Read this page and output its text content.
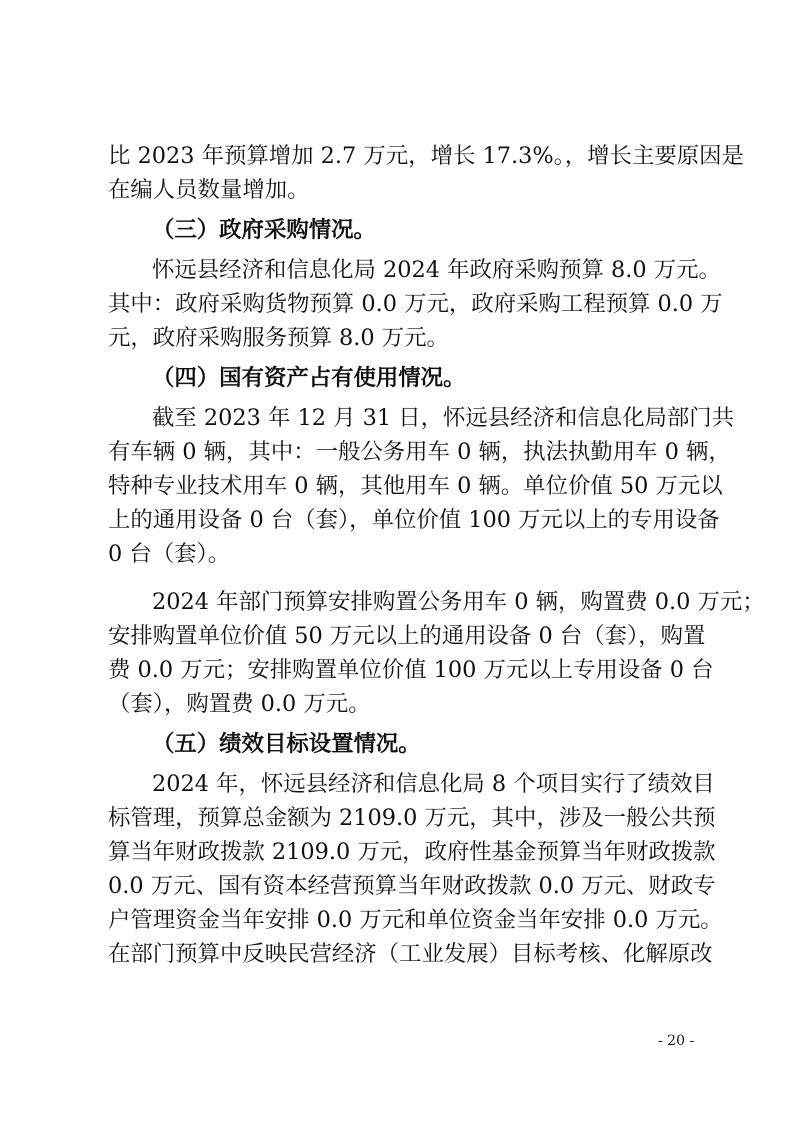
比 2023 年预算增加 2.7 万元，增长 17.3%。，增长主要原因是
在编人员数量增加。
（三）政府采购情况。
怀远县经济和信息化局 2024 年政府采购预算 8.0 万元。
其中：政府采购货物预算 0.0 万元，政府采购工程预算 0.0 万
元，政府采购服务预算 8.0 万元。
（四）国有资产占有使用情况。
截至 2023 年 12 月 31 日，怀远县经济和信息化局部门共
有车辆 0 辆，其中：一般公务用车 0 辆，执法执勤用车 0 辆，
特种专业技术用车 0 辆，其他用车 0 辆。单位价值 50 万元以
上的通用设备 0 台（套），单位价值 100 万元以上的专用设备
0 台（套）。
2024 年部门预算安排购置公务用车 0 辆，购置费 0.0 万元；
安排购置单位价值 50 万元以上的通用设备 0 台（套），购置
费 0.0 万元；安排购置单位价值 100 万元以上专用设备 0 台
（套），购置费 0.0 万元。
（五）绩效目标设置情况。
2024 年，怀远县经济和信息化局 8 个项目实行了绩效目
标管理，预算总金额为 2109.0 万元，其中，涉及一般公共预
算当年财政拨款 2109.0 万元，政府性基金预算当年财政拨款
0.0 万元、国有资本经营预算当年财政拨款 0.0 万元、财政专
户管理资金当年安排 0.0 万元和单位资金当年安排 0.0 万元。
在部门预算中反映民营经济（工业发展）目标考核、化解原改
- 20 -
